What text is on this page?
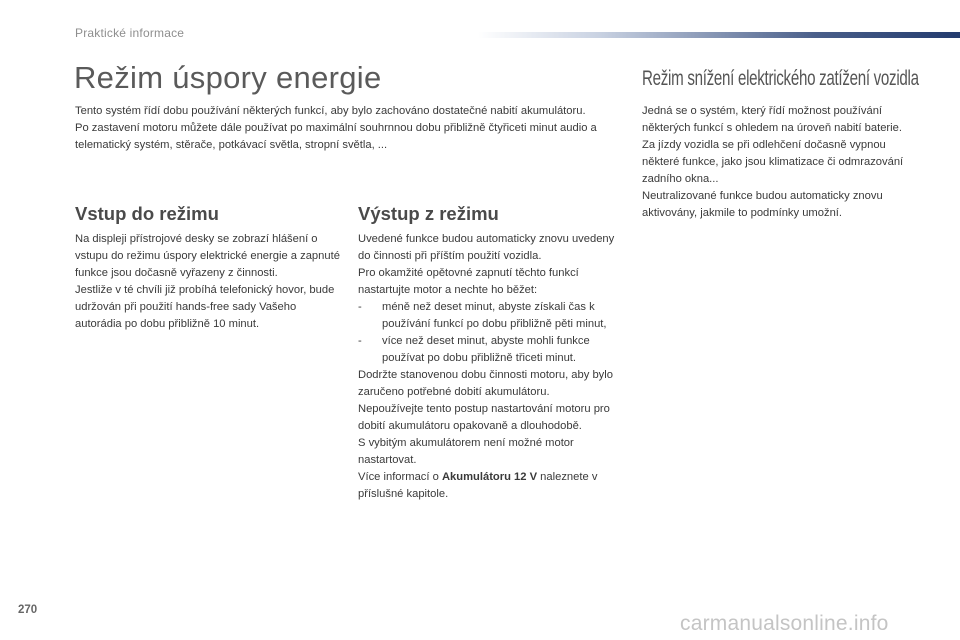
Praktické informace
Režim úspory energie

Tento systém řídí dobu používání některých funkcí, aby bylo zachováno dostatečné nabití akumulátoru.

Po zastavení motoru můžete dále používat po maximální souhrnnou dobu přibližně čtyřiceti minut audio a telematický systém, stěrače, potkávací světla, stropní světla, ...

Režim snížení elektrického zatížení vozidla

Jedná se o systém, který řídí možnost používání některých funkcí s ohledem na úroveň nabití baterie.

Za jízdy vozidla se při odlehčení dočasně vypnou některé funkce, jako jsou klimatizace či odmrazování zadního okna...

Neutralizované funkce budou automaticky znovu aktivovány, jakmile to podmínky umožní.

Vstup do režimu

Na displeji přístrojové desky se zobrazí hlášení o vstupu do režimu úspory elektrické energie a zapnuté funkce jsou dočasně vyřazeny z činnosti.

Jestliže v té chvíli již probíhá telefonický hovor, bude udržován při použití hands-free sady Vašeho autorádia po dobu přibližně 10 minut.

Výstup z režimu

Uvedené funkce budou automaticky znovu uvedeny do činnosti při příštím použití vozidla.

Pro okamžité opětovné zapnutí těchto funkcí nastartujte motor a nechte ho běžet:

-	méně než deset minut, abyste získali čas k používání funkcí po dobu přibližně pěti minut,
-	více než deset minut, abyste mohli funkce používat po dobu přibližně třiceti minut.

Dodržte stanovenou dobu činnosti motoru, aby bylo zaručeno potřebné dobití akumulátoru.

Nepoužívejte tento postup nastartování motoru pro dobití akumulátoru opakovaně a dlouhodobě.

S vybitým akumulátorem není možné motor nastartovat.

Více informací o Akumulátoru 12 V naleznete v příslušné kapitole.

270
carmanualsonline.info
